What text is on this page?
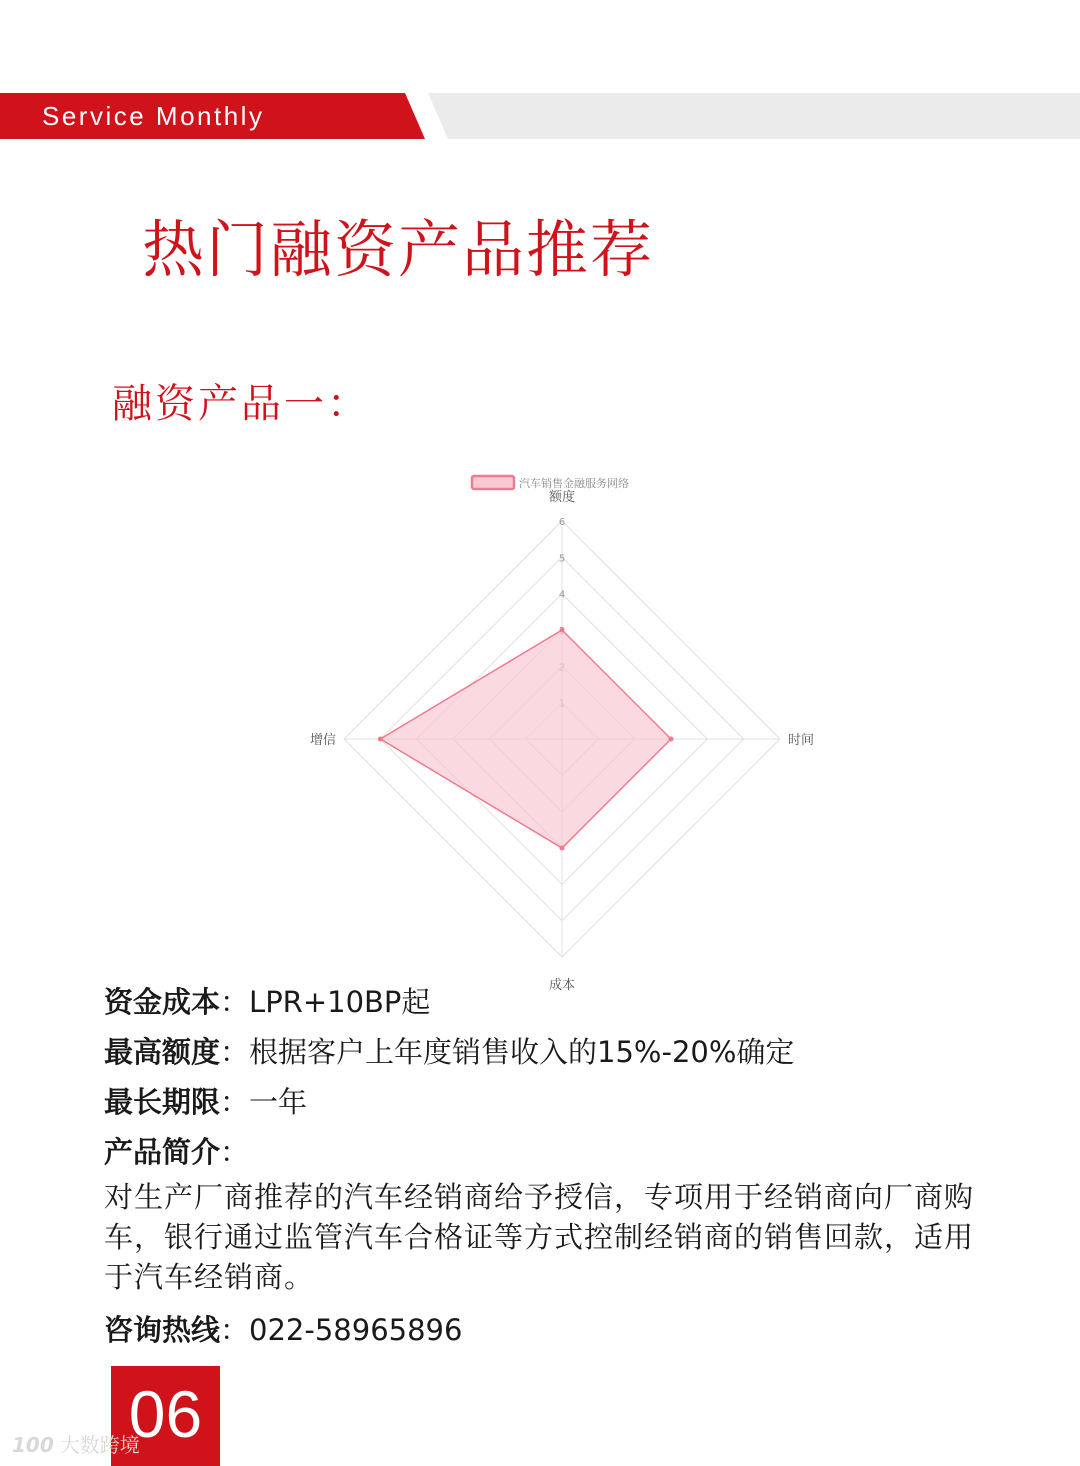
Service Monthly
热门融资产品推荐
融资产品一：
4
5
6
额度
时间
成本
增信
汽车销售金融服务网络
资金成本：LPR+10BP起
最高额度：根据客户上年度销售收入的15%-20%确定
最长期限：一年
产品简介：
对生产厂商推荐的汽车经销商给予授信，专项用于经销商向厂商购车，银行通过监管汽车合格证等方式控制经销商的销售回款，适用于汽车经销商。
咨询热线：022-58965896
06
100 大数跨境
